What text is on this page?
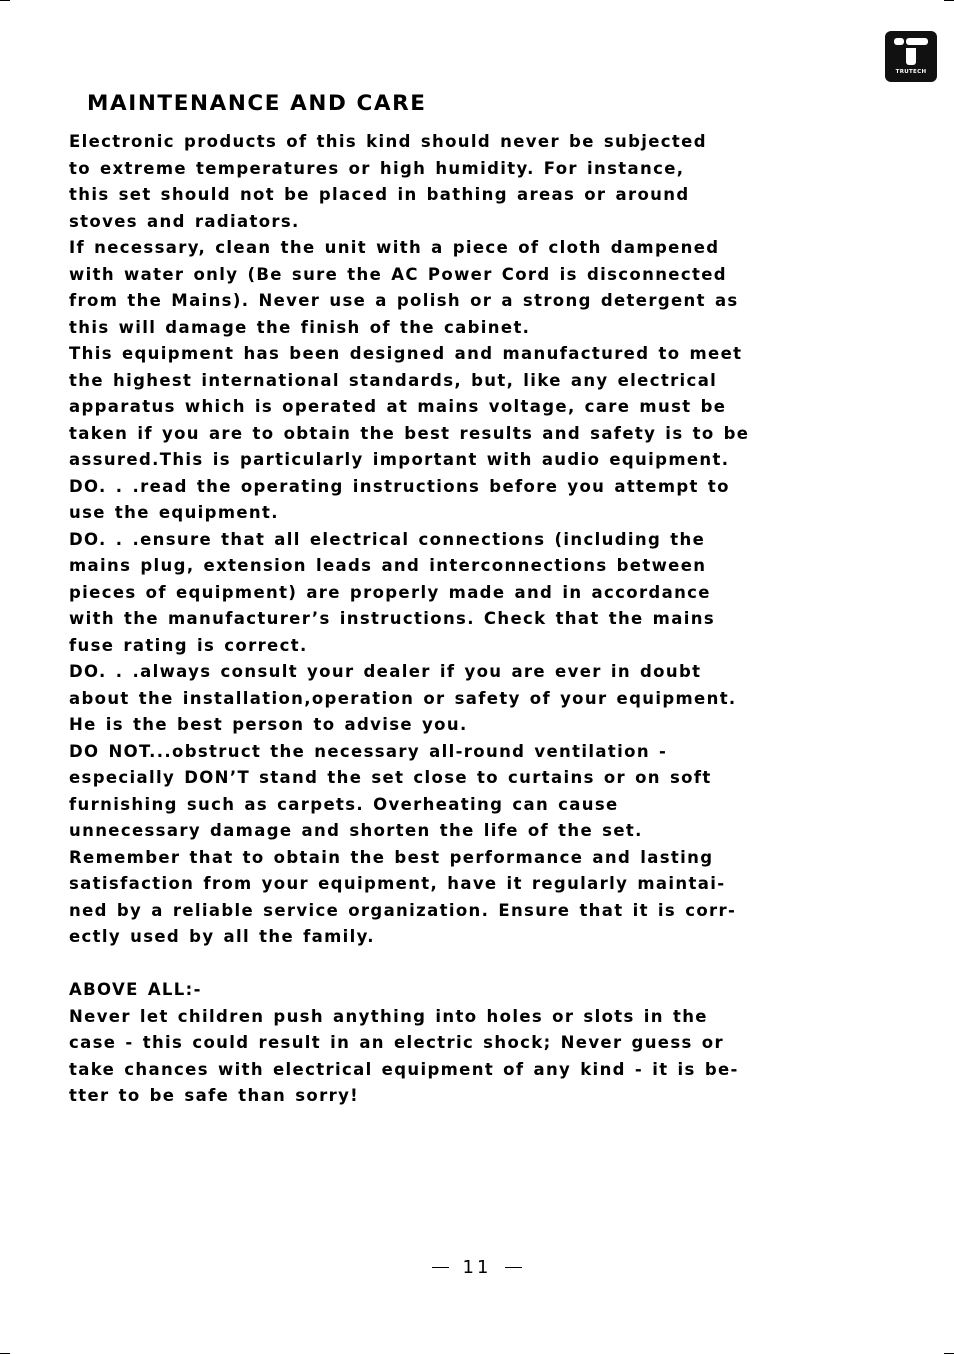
TRUTECH
MAINTENANCE AND CARE
Electronic products of this kind should never be subjected
to extreme temperatures or high humidity. For instance,
this set should not be placed in bathing areas or around
stoves and radiators.
If necessary, clean the unit with a piece of cloth dampened
with water only (Be sure the AC Power Cord is disconnected
from the Mains). Never use a polish or a strong detergent as
this will damage the finish of the cabinet.
This equipment has been designed and manufactured to meet
the highest international standards, but, like any electrical
apparatus which is operated at mains voltage, care must be
taken if you are to obtain the best results and safety is to be
assured.This is particularly important with audio equipment.
DO. . .read the operating instructions before you attempt to
use the equipment.
DO. . .ensure that all electrical connections (including the
mains plug, extension leads and interconnections between
pieces of equipment) are properly made and in accordance
with the manufacturer’s instructions. Check that the mains
fuse rating is correct.
DO. . .always consult your dealer if you are ever in doubt
about the installation,operation or safety of your equipment.
He is the best person to advise you.
DO NOT...obstruct the necessary all-round ventilation -
especially DON’T stand the set close to curtains or on soft
furnishing such as carpets. Overheating can cause
unnecessary damage and shorten the life of the set.
Remember that to obtain the best performance and lasting
satisfaction from your equipment, have it regularly maintai-
ned by a reliable service organization. Ensure that it is corr-
ectly used by all the family.
ABOVE ALL:-
Never let children push anything into holes or slots in the
case - this could result in an electric shock; Never guess or
take chances with electrical equipment of any kind - it is be-
tter to be safe than sorry!
11
